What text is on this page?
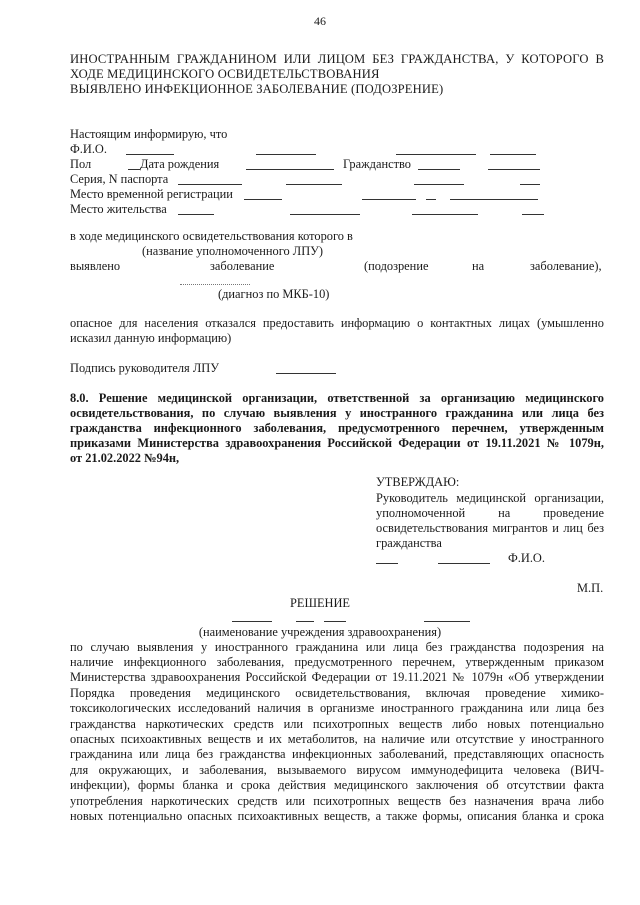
46
ИНОСТРАННЫМ ГРАЖДАНИНОМ ИЛИ ЛИЦОМ БЕЗ ГРАЖДАНСТВА, У КОТОРОГО В
ХОДЕ МЕДИЦИНСКОГО ОСВИДЕТЕЛЬСТВОВАНИЯ
ВЫЯВЛЕНО ИНФЕКЦИОННОЕ ЗАБОЛЕВАНИЕ (ПОДОЗРЕНИЕ)
Настоящим информирую, что
Ф.И.О.
Пол	Дата рождения	Гражданство
Серия, N паспорта
Место временной регистрации
Место жительства
в ходе медицинского освидетельствования которого в
(название уполномоченного ЛПУ)
выявлено	заболевание	(подозрение	на	заболевание),
(диагноз по МКБ-10)
опасное для населения отказался предоставить информацию о контактных лицах (умышленно
исказил данную информацию)
Подпись руководителя ЛПУ
8.0. Решение медицинской организации, ответственной за организацию медицинского
освидетельствования, по случаю выявления у иностранного гражданина или лица без
гражданства инфекционного заболевания, предусмотренного перечнем, утвержденным
приказами Министерства здравоохранения Российской Федерации от 19.11.2021 № 1079н,
от 21.02.2022 №94н,
УТВЕРЖДАЮ:
Руководитель медицинской организации,
уполномоченной на проведение
освидетельствования мигрантов и лиц без
гражданства
Ф.И.О.
М.П.
РЕШЕНИЕ
(наименование учреждения здравоохранения)
по случаю выявления у иностранного гражданина или лица без гражданства подозрения на
наличие инфекционного заболевания, предусмотренного перечнем, утвержденным приказом
Министерства здравоохранения Российской Федерации от 19.11.2021 № 1079н «Об утверждении
Порядка проведения медицинского освидетельствования, включая проведение химико-
токсикологических исследований наличия в организме иностранного гражданина или лица без
гражданства наркотических средств или психотропных веществ либо новых потенциально
опасных психоактивных веществ и их метаболитов, на наличие или отсутствие у иностранного
гражданина или лица без гражданства инфекционных заболеваний, представляющих опасность
для окружающих, и заболевания, вызываемого вирусом иммунодефицита человека (ВИЧ-
инфекции), формы бланка и срока действия медицинского заключения об отсутствии факта
употребления наркотических средств или психотропных веществ без назначения врача либо
новых потенциально опасных психоактивных веществ, а также формы, описания бланка и срока
